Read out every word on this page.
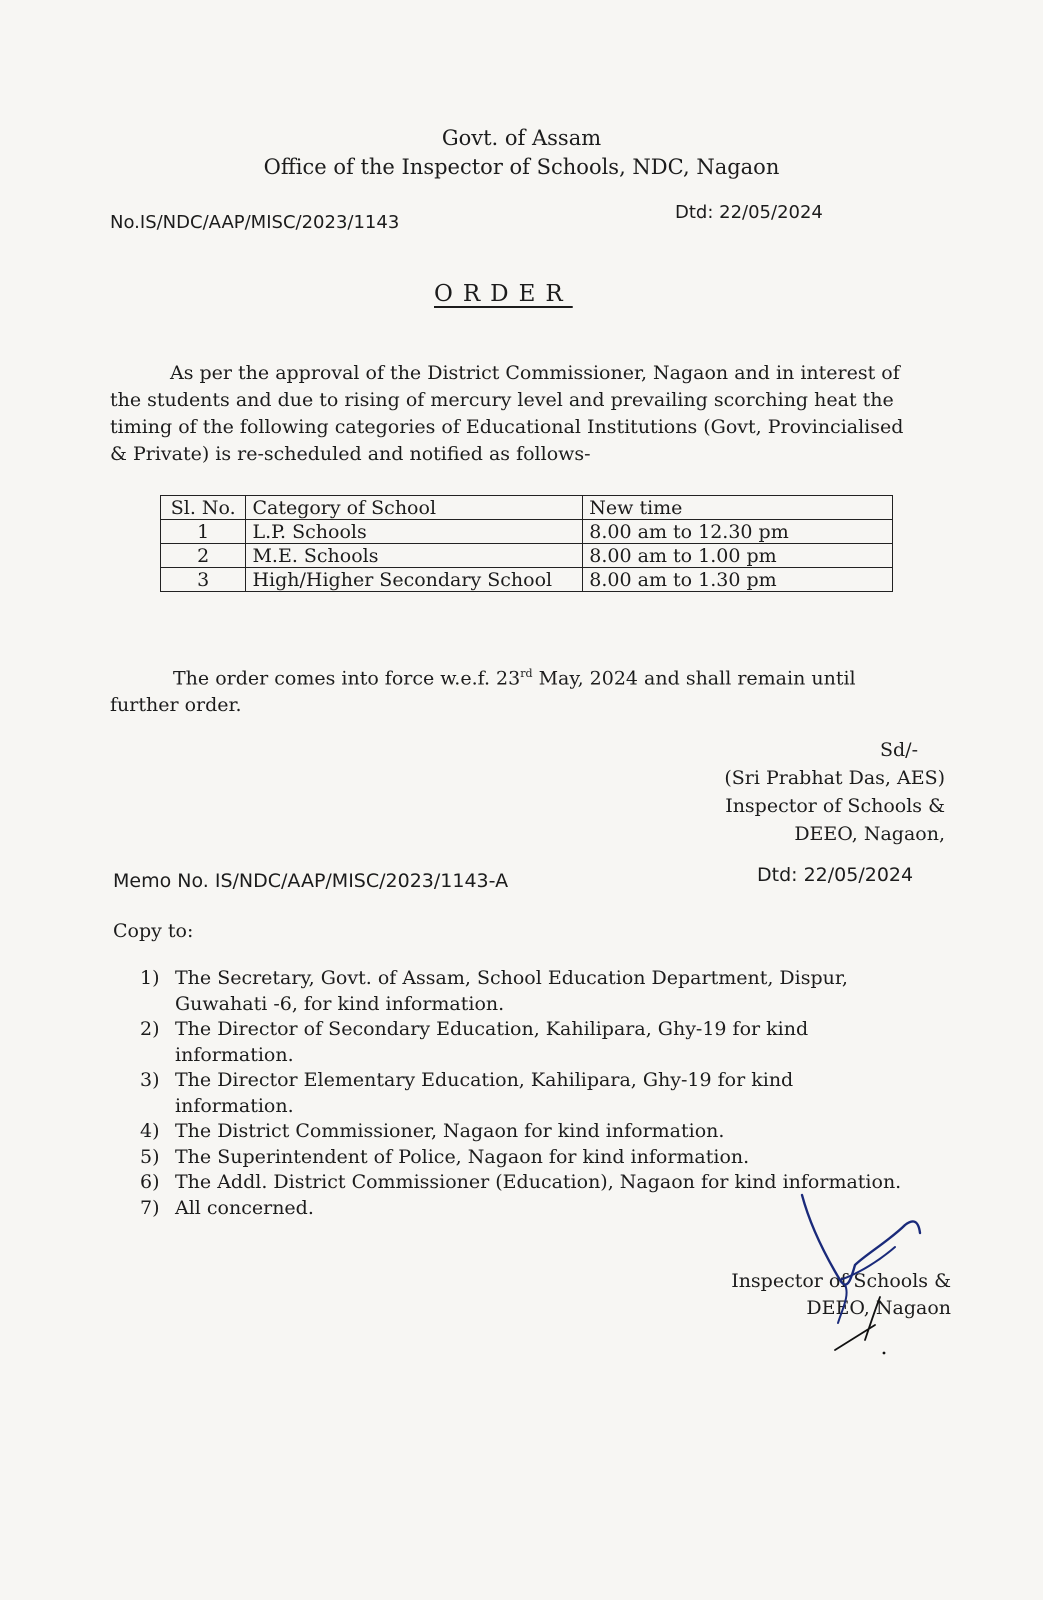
Govt. of Assam
Office of the Inspector of Schools, NDC, Nagaon
No.IS/NDC/AAP/MISC/2023/1143	Dtd: 22/05/2024
ORDER
As per the approval of the District Commissioner, Nagaon and in interest of
the students and due to rising of mercury level and prevailing scorching heat the
timing of the following categories of Educational Institutions (Govt, Provincialised
& Private) is re-scheduled and notified as follows-
Sl. No.	Category of School	New time
1	L.P. Schools	8.00 am to 12.30 pm
2	M.E. Schools	8.00 am to 1.00 pm
3	High/Higher Secondary School	8.00 am to 1.30 pm
The order comes into force w.e.f. 23rd May, 2024 and shall remain until
further order.
Sd/-
(Sri Prabhat Das, AES)
Inspector of Schools &
DEEO, Nagaon,
Memo No. IS/NDC/AAP/MISC/2023/1143-A	Dtd: 22/05/2024
Copy to:
1) The Secretary, Govt. of Assam, School Education Department, Dispur,
Guwahati -6, for kind information.
2) The Director of Secondary Education, Kahilipara, Ghy-19 for kind
information.
3) The Director Elementary Education, Kahilipara, Ghy-19 for kind
information.
4) The District Commissioner, Nagaon for kind information.
5) The Superintendent of Police, Nagaon for kind information.
6) The Addl. District Commissioner (Education), Nagaon for kind information.
7) All concerned.
Inspector of Schools &
DEEO, Nagaon
